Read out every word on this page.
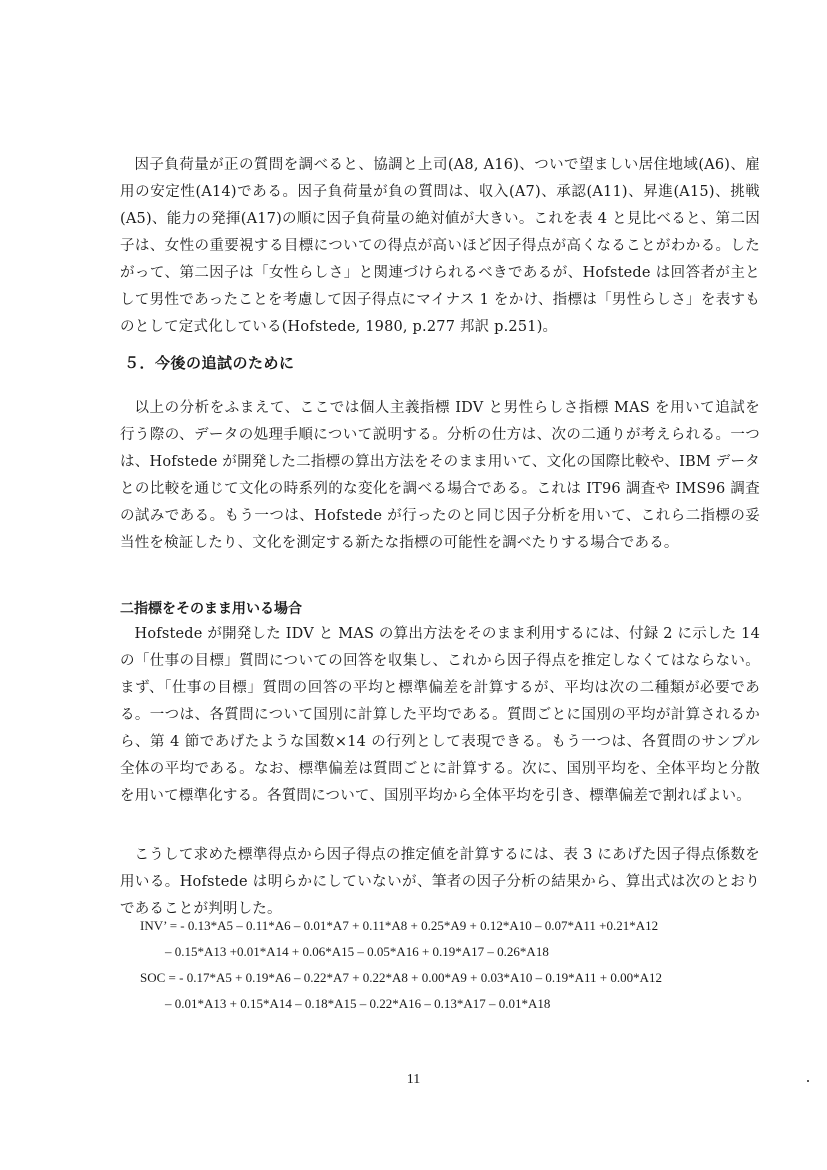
因子負荷量が正の質問を調べると、協調と上司(A8, A16)、ついで望ましい居住地域(A6)、雇用の安定性(A14)である。因子負荷量が負の質問は、収入(A7)、承認(A11)、昇進(A15)、挑戦(A5)、能力の発揮(A17)の順に因子負荷量の絶対値が大きい。これを表 4 と見比べると、第二因子は、女性の重要視する目標についての得点が高いほど因子得点が高くなることがわかる。したがって、第二因子は「女性らしさ」と関連づけられるべきであるが、Hofstede は回答者が主として男性であったことを考慮して因子得点にマイナス 1 をかけ、指標は「男性らしさ」を表すものとして定式化している(Hofstede, 1980, p.277 邦訳 p.251)。

５．今後の追試のために

以上の分析をふまえて、ここでは個人主義指標 IDV と男性らしさ指標 MAS を用いて追試を行う際の、データの処理手順について説明する。分析の仕方は、次の二通りが考えられる。一つは、Hofstede が開発した二指標の算出方法をそのまま用いて、文化の国際比較や、IBM データとの比較を通じて文化の時系列的な変化を調べる場合である。これは IT96 調査や IMS96 調査の試みである。もう一つは、Hofstede が行ったのと同じ因子分析を用いて、これら二指標の妥当性を検証したり、文化を測定する新たな指標の可能性を調べたりする場合である。

二指標をそのまま用いる場合

Hofstede が開発した IDV と MAS の算出方法をそのまま利用するには、付録 2 に示した 14 の「仕事の目標」質問についての回答を収集し、これから因子得点を推定しなくてはならない。まず、「仕事の目標」質問の回答の平均と標準偏差を計算するが、平均は次の二種類が必要である。一つは、各質問について国別に計算した平均である。質問ごとに国別の平均が計算されるから、第 4 節であげたような国数×14 の行列として表現できる。もう一つは、各質問のサンプル全体の平均である。なお、標準偏差は質問ごとに計算する。次に、国別平均を、全体平均と分散を用いて標準化する。各質問について、国別平均から全体平均を引き、標準偏差で割ればよい。

こうして求めた標準得点から因子得点の推定値を計算するには、表 3 にあげた因子得点係数を用いる。Hofstede は明らかにしていないが、筆者の因子分析の結果から、算出式は次のとおりであることが判明した。

INV’ = - 0.13*A5 – 0.11*A6 – 0.01*A7 + 0.11*A8 + 0.25*A9 + 0.12*A10 – 0.07*A11 +0.21*A12

– 0.15*A13 +0.01*A14 + 0.06*A15 – 0.05*A16 + 0.19*A17 – 0.26*A18

SOC = - 0.17*A5 + 0.19*A6 – 0.22*A7 + 0.22*A8 + 0.00*A9 + 0.03*A10 – 0.19*A11 + 0.00*A12

– 0.01*A13 + 0.15*A14 – 0.18*A15 – 0.22*A16 – 0.13*A17 – 0.01*A18

11
